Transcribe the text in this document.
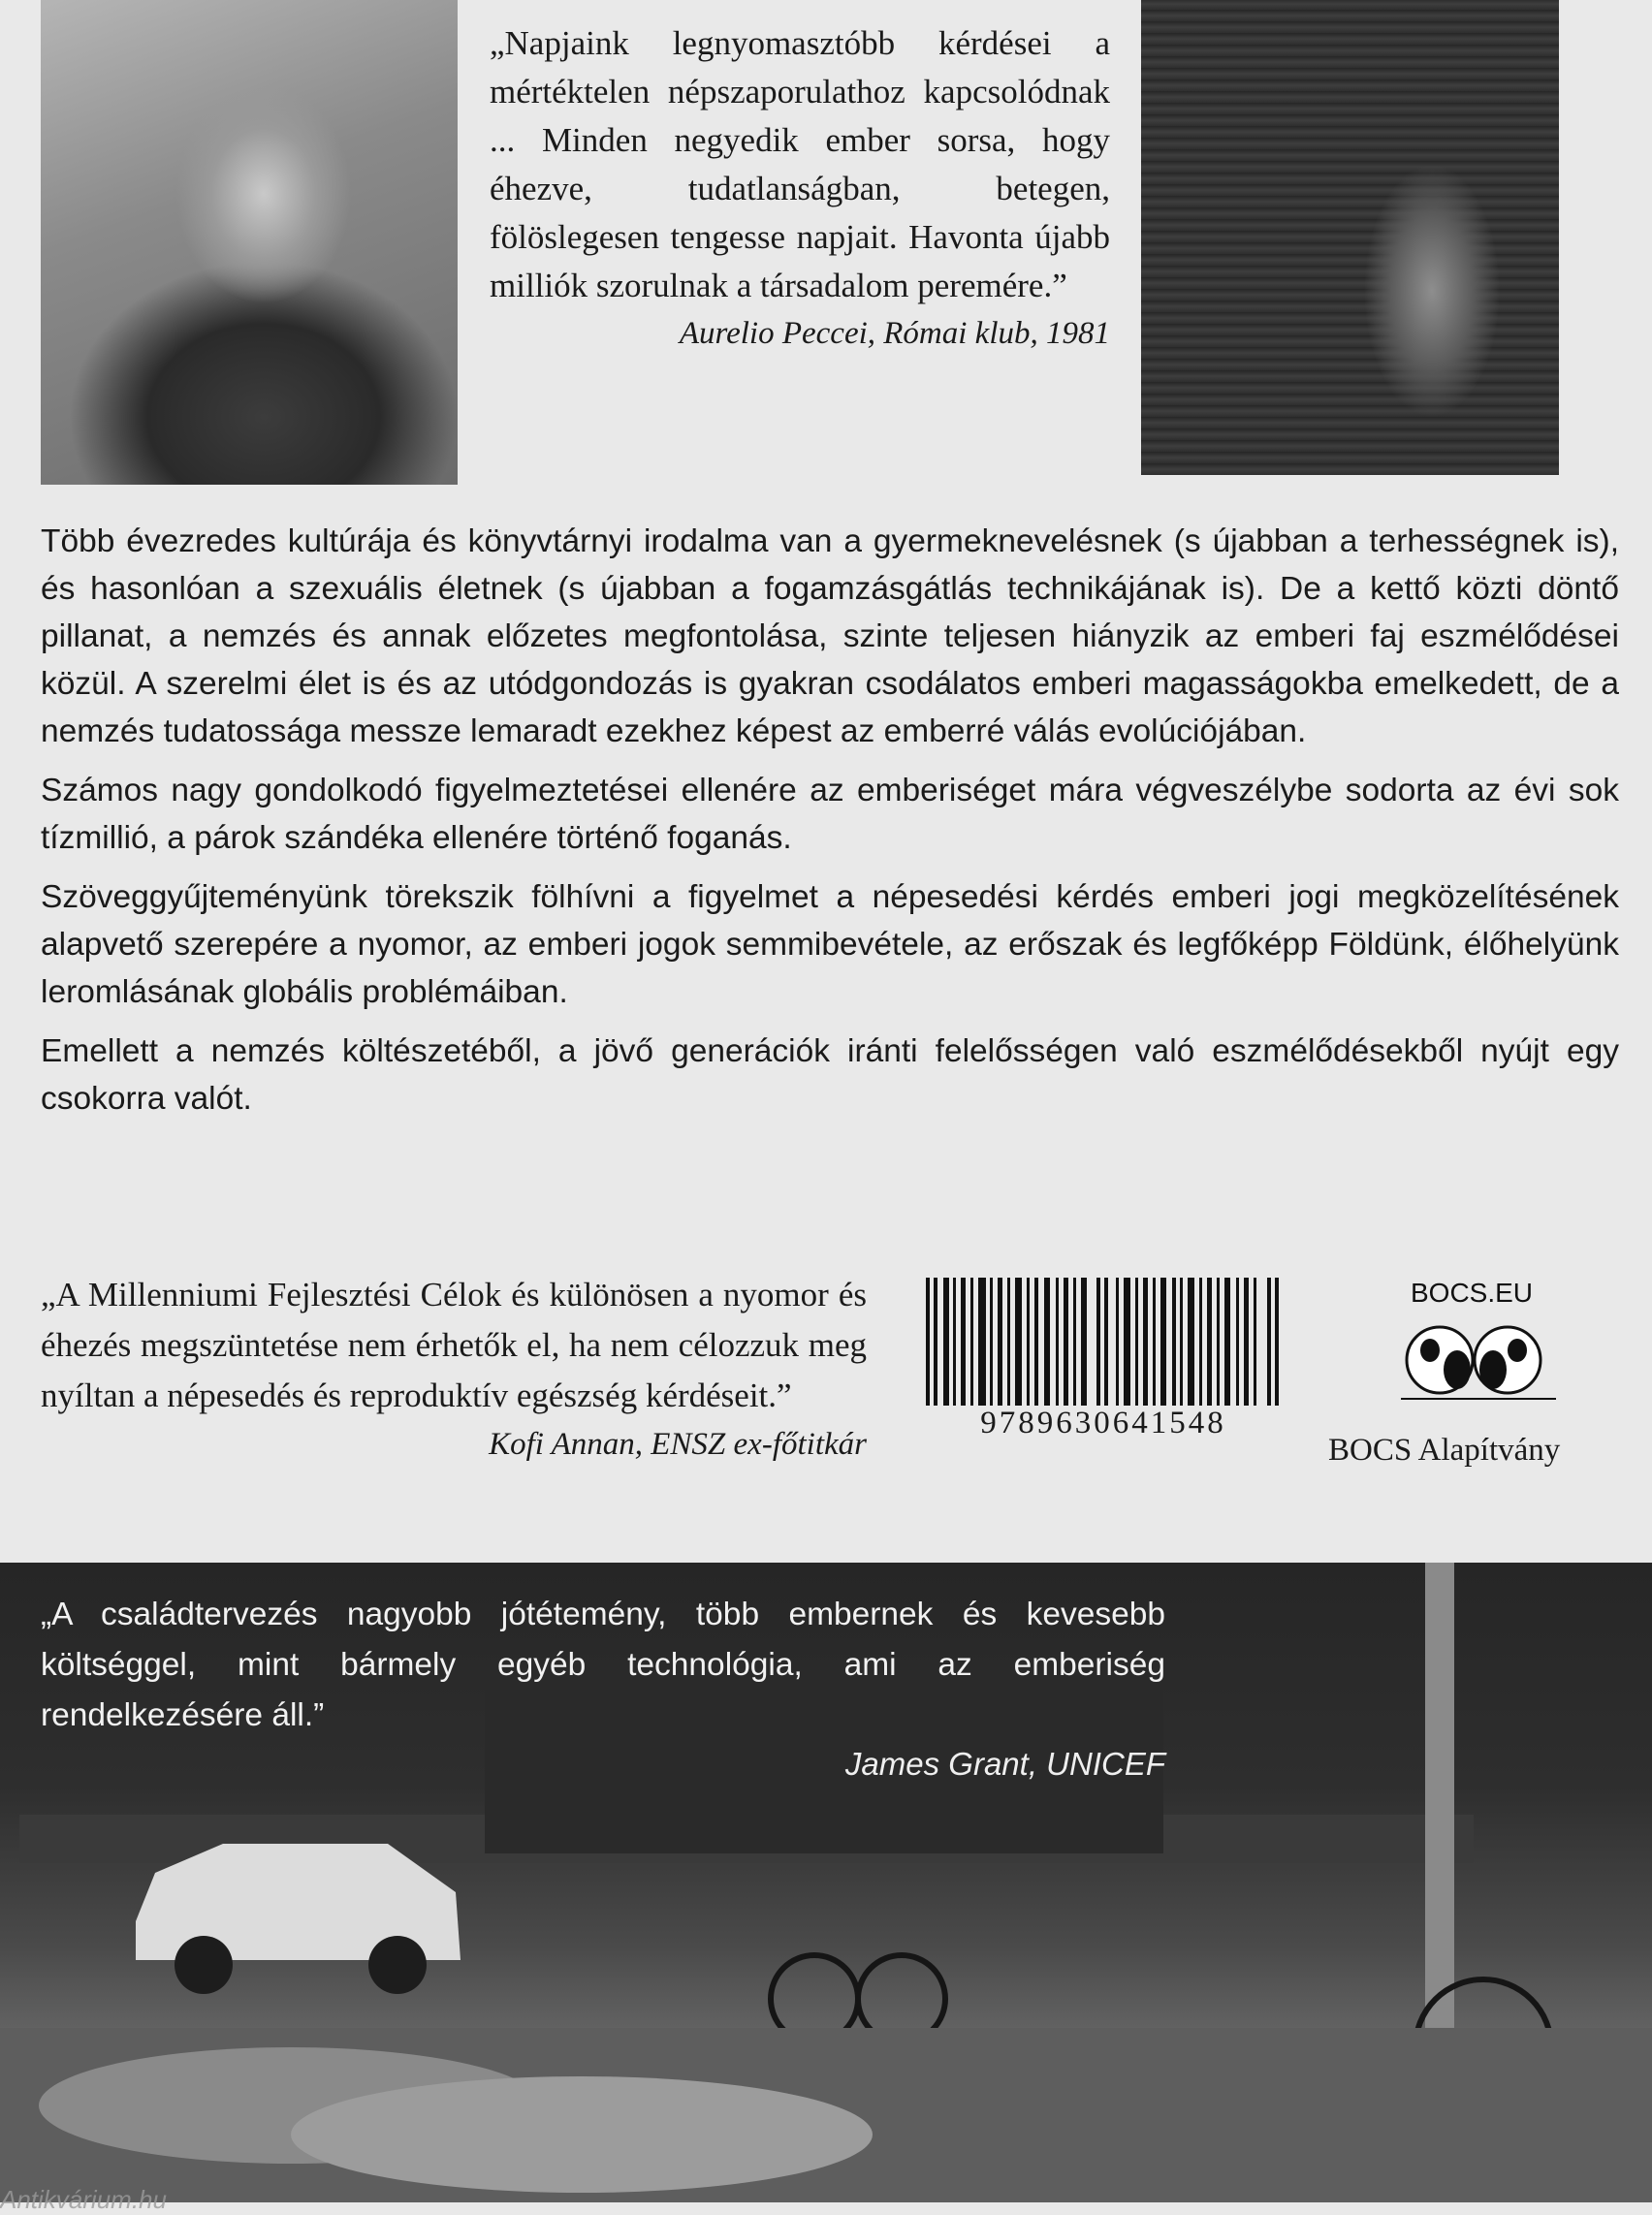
„Napjaink legnyomasztóbb kérdései a mértéktelen népszaporulathoz kapcsolódnak ... Minden negyedik ember sorsa, hogy éhezve, tudatlanságban, betegen, fölöslegesen tengesse napjait. Havonta újabb milliók szorulnak a társadalom peremére.”
Aurelio Peccei, Római klub, 1981

Több évezredes kultúrája és könyvtárnyi irodalma van a gyermeknevelésnek (s újabban a terhességnek is), és hasonlóan a szexuális életnek (s újabban a fogamzásgátlás technikájának is). De a kettő közti döntő pillanat, a nemzés és annak előzetes megfontolása, szinte teljesen hiányzik az emberi faj eszmélődései közül. A szerelmi élet is és az utódgondozás is gyakran csodálatos emberi magasságokba emelkedett, de a nemzés tudatossága messze lemaradt ezekhez képest az emberré válás evolúciójában.

Számos nagy gondolkodó figyelmeztetései ellenére az emberiséget mára végveszélybe sodorta az évi sok tízmillió, a párok szándéka ellenére történő foganás.

Szöveggyűjteményünk törekszik fölhívni a figyelmet a népesedési kérdés emberi jogi megközelítésének alapvető szerepére a nyomor, az emberi jogok semmibevétele, az erőszak és legfőképp Földünk, élőhelyünk leromlásának globális problémáiban.

Emellett a nemzés költészetéből, a jövő generációk iránti felelősségen való eszmélődésekből nyújt egy csokorra valót.

„A Millenniumi Fejlesztési Célok és különösen a nyomor és éhezés megszüntetése nem érhetők el, ha nem célozzuk meg nyíltan a népesedés és reproduktív egészség kérdéseit.”
Kofi Annan, ENSZ ex-főtitkár
9789630641548
BOCS.EU
BOCS Alapítvány
„A családtervezés nagyobb jótétemény, több embernek és kevesebb költséggel, mint bármely egyéb technológia, ami az emberiség rendelkezésére áll.”
James Grant, UNICEF
Antikvárium.hu
